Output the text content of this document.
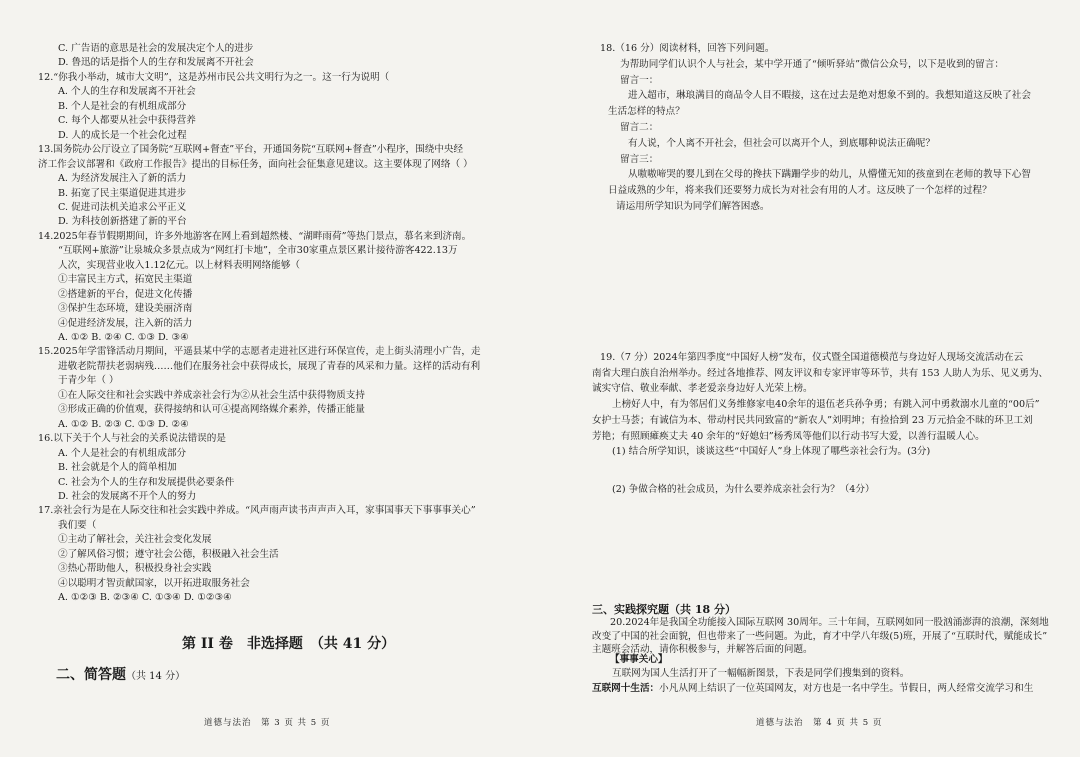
C. 广告语的意思是社会的发展决定个人的进步
D. 鲁迅的话是指个人的生存和发展离不开社会
12.“你我小举动，城市大文明”，这是苏州市民公共文明行为之一。这一行为说明（
A. 个人的生存和发展离不开社会
B. 个人是社会的有机组成部分
C. 每个人都要从社会中获得营养
D. 人的成长是一个社会化过程
13.国务院办公厅设立了国务院“互联网+督查”平台，开通国务院“互联网+督查”小程序，围绕中央经
济工作会议部署和《政府工作报告》提出的目标任务，面向社会征集意见建议。这主要体现了网络（ ）
A. 为经济发展注入了新的活力
B. 拓宽了民主渠道促进其进步
C. 促进司法机关追求公平正义
D. 为科技创新搭建了新的平台
14.2025年春节假期期间，许多外地游客在网上看到超然楼、“湖畔雨荷”等热门景点，慕名来到济南。
“互联网+旅游”让泉城众多景点成为“网红打卡地”，全市30家重点景区累计接待游客422.13万
人次，实现营业收入1.12亿元。以上材料表明网络能够（
①丰富民主方式，拓宽民主渠道
②搭建新的平台，促进文化传播
③保护生态环境，建设美丽济南
④促进经济发展，注入新的活力
A. ①② B. ②④ C. ①③ D. ③④
15.2025年学雷锋活动月期间，平遥县某中学的志愿者走进社区进行环保宣传，走上街头清理小广告，走
进敬老院帮扶老弱病残……他们在服务社会中获得成长，展现了青春的风采和力量。这样的活动有利
于青少年（ ）
①在人际交往和社会实践中养成亲社会行为②从社会生活中获得物质支持
③形成正确的价值观，获得接纳和认可④提高网络媒介素养，传播正能量
A. ①② B. ②③ C. ①③ D. ②④
16.以下关于个人与社会的关系说法错误的是
A. 个人是社会的有机组成部分
B. 社会就是个人的简单相加
C. 社会为个人的生存和发展提供必要条件
D. 社会的发展离不开个人的努力
17.亲社会行为是在人际交往和社会实践中养成。“风声雨声读书声声声入耳，家事国事天下事事事关心”
我们要（
①主动了解社会，关注社会变化发展
②了解风俗习惯；遵守社会公德，积极融入社会生活
③热心帮助他人，积极投身社会实践
④以聪明才智贡献国家，以开拓进取服务社会
A. ①②③ B. ②③④ C. ①③④ D. ①②③④
第 II 卷　非选择题　（共 41 分）
二、简答题（共 14 分）
道德与法治　第 3 页 共 5 页
18.（16 分）阅读材料，回答下列问题。
为帮助同学们认识个人与社会，某中学开通了“倾听驿站”微信公众号，以下是收到的留言：
留言一：
进入超市，琳琅满目的商品令人目不暇接，这在过去是绝对想象不到的。我想知道这反映了社会
生活怎样的特点？
留言二：
有人说，个人离不开社会，但社会可以离开个人，到底哪种说法正确呢？
留言三：
从嗷嗷啼哭的婴儿到在父母的搀扶下蹒跚学步的幼儿，从懵懂无知的孩童到在老师的教导下心智
日益成熟的少年，将来我们还要努力成长为对社会有用的人才。这反映了一个怎样的过程？
请运用所学知识为同学们解答困惑。
19.（7 分）2024年第四季度“中国好人榜”发布，仪式暨全国道德模范与身边好人现场交流活动在云
南省大理白族自治州举办。经过各地推荐、网友评议和专家评审等环节，共有 153 人助人为乐、见义勇为、
诚实守信、敬业奉献、孝老爱亲身边好人光荣上榜。
上榜好人中，有为邻居们义务维修家电40余年的退伍老兵孙争勇；有跳入河中勇救溺水儿童的“00后”
女护士马荟；有诚信为本、带动村民共同致富的“新农人”刘明坤；有捡拾到 23 万元拾金不昧的环卫工刘
芳艳；有照顾瘫痪丈夫 40 余年的“好媳妇”杨秀凤等他们以行动书写大爱，以善行温暖人心。
(1) 结合所学知识，谈谈这些“中国好人”身上体现了哪些亲社会行为。(3分)
(2) 争做合格的社会成员，为什么要养成亲社会行为？（4分）
三、实践探究题（共 18 分）
20.2024年是我国全功能接入国际互联网 30周年。三十年间，互联网如同一股汹涌澎湃的浪潮，深刻地
改变了中国的社会面貌，但也带来了一些问题。为此，育才中学八年级(5)班，开展了“互联时代，赋能成长”
主题班会活动，请你积极参与，并解答后面的问题。
【事事关心】
互联网为国人生活打开了一幅幅新图景，下表是同学们搜集到的资料。
互联网十生活：小凡从网上结识了一位英国网友，对方也是一名中学生。节假日，两人经常交流学习和生
道德与法治　第 4 页 共 5 页
